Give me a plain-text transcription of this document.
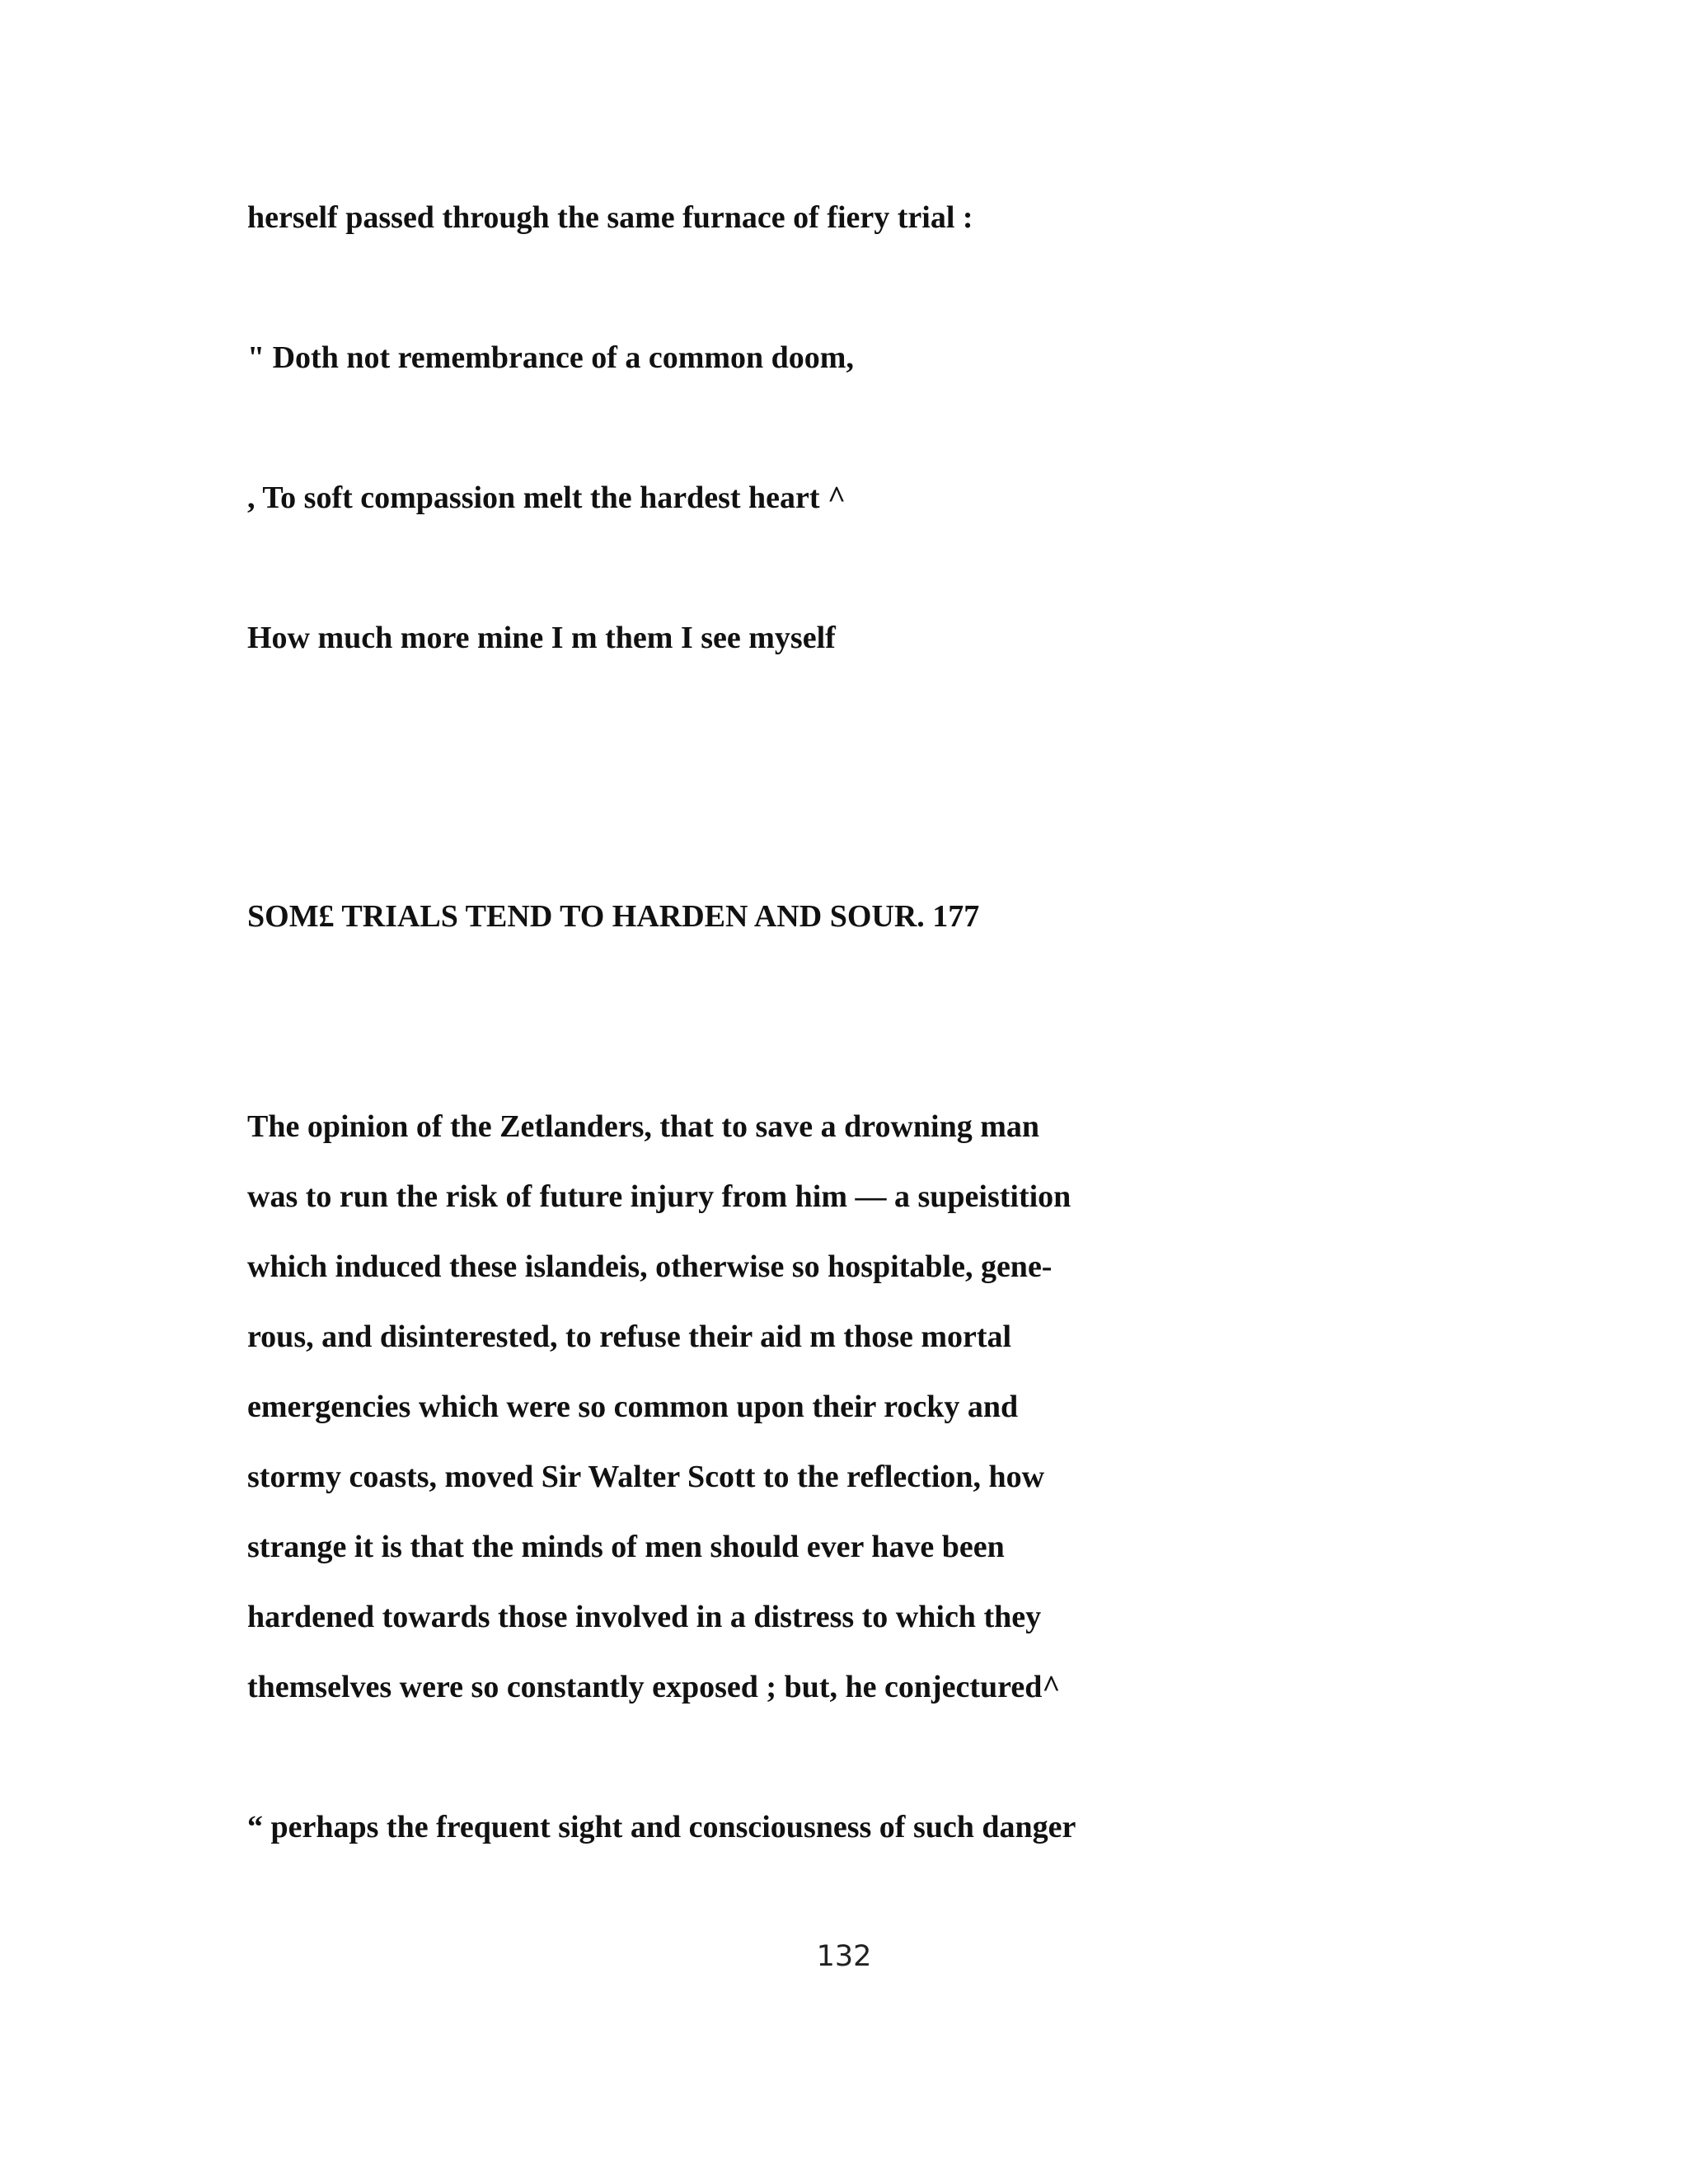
herself passed through the same furnace of fiery trial :

" Doth not remembrance of a common doom,

, To soft compassion melt the hardest heart ^

How much more mine I m them I see myself

SOM£ TRIALS TEND TO HARDEN AND SOUR. 177

The opinion of the Zetlanders, that to save a drowning man

was to run the risk of future injury from him — a supeistition

which induced these islandeis, otherwise so hospitable, gene-

rous, and disinterested, to refuse their aid m those mortal

emergencies which were so common upon their rocky and

stormy coasts, moved Sir Walter Scott to the reflection, how

strange it is that the minds of men should ever have been

hardened towards those involved in a distress to which they

themselves were so constantly exposed ; but, he conjectured^

“ perhaps the frequent sight and consciousness of such danger

132
